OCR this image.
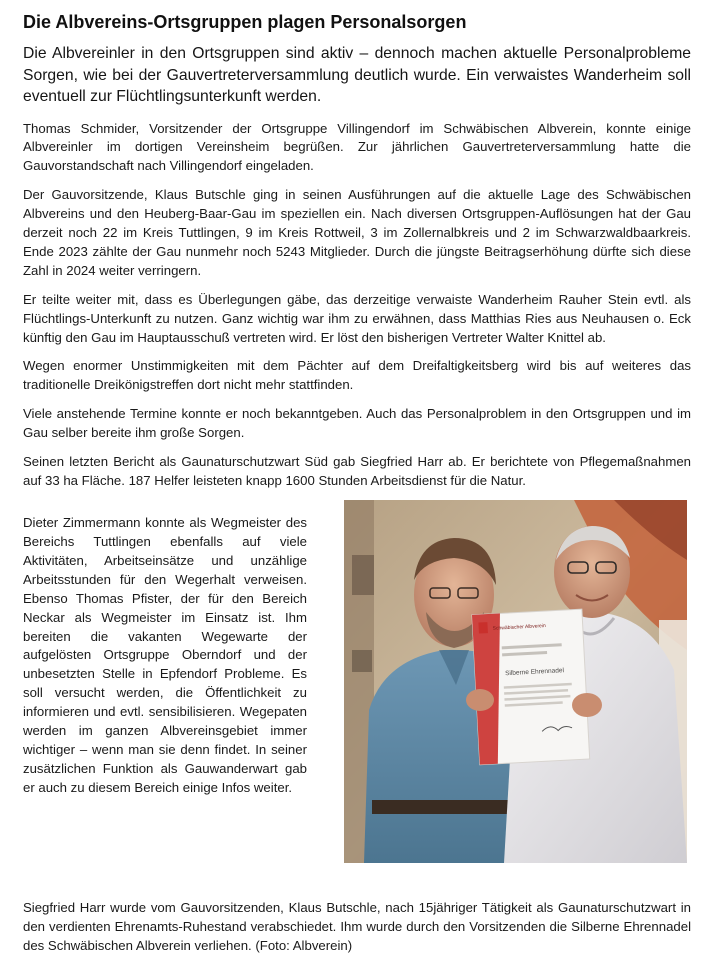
Die Albvereins-Ortsgruppen plagen Personalsorgen

Die Albvereinler in den Ortsgruppen sind aktiv – dennoch machen aktuelle Personalprobleme Sorgen, wie bei der Gauvertreterversammlung deutlich wurde. Ein verwaistes Wanderheim soll eventuell zur Flüchtlingsunterkunft werden.

Thomas Schmider, Vorsitzender der Ortsgruppe Villingendorf im Schwäbischen Albverein, konnte einige Albvereinler im dortigen Vereinsheim begrüßen. Zur jährlichen Gauvertreterversammlung hatte die Gauvorstandschaft nach Villingendorf eingeladen.

Der Gauvorsitzende, Klaus Butschle ging in seinen Ausführungen auf die aktuelle Lage des Schwäbischen Albvereins und den Heuberg-Baar-Gau im speziellen ein. Nach diversen Ortsgruppen-Auflösungen hat der Gau derzeit noch 22 im Kreis Tuttlingen, 9 im Kreis Rottweil, 3 im Zollernalbkreis und 2 im Schwarzwaldbaarkreis. Ende 2023 zählte der Gau nunmehr noch 5243 Mitglieder. Durch die jüngste Beitragserhöhung dürfte sich diese Zahl in 2024 weiter verringern.

Er teilte weiter mit, dass es Überlegungen gäbe, das derzeitige verwaiste Wanderheim Rauher Stein evtl. als Flüchtlings-Unterkunft zu nutzen. Ganz wichtig war ihm zu erwähnen, dass Matthias Ries aus Neuhausen o. Eck künftig den Gau im Hauptausschuß vertreten wird. Er löst den bisherigen Vertreter Walter Knittel ab.

Wegen enormer Unstimmigkeiten mit dem Pächter auf dem Dreifaltigkeitsberg wird bis auf weiteres das traditionelle Dreikönigstreffen dort nicht mehr stattfinden.

Viele anstehende Termine konnte er noch bekanntgeben. Auch das Personalproblem in den Ortsgruppen und im Gau selber bereite ihm große Sorgen.

Seinen letzten Bericht als Gaunaturschutzwart Süd gab Siegfried Harr ab. Er berichtete von Pflegemaßnahmen auf 33 ha Fläche. 187 Helfer leisteten knapp 1600 Stunden Arbeitsdienst für die Natur.

Dieter Zimmermann konnte als Wegmeister des Bereichs Tuttlingen ebenfalls auf viele Aktivitäten, Arbeitseinsätze und unzählige Arbeitsstunden für den Wegerhalt verweisen. Ebenso Thomas Pfister, der für den Bereich Neckar als Wegmeister im Einsatz ist. Ihm bereiten die vakanten Wegewarte der aufgelösten Ortsgruppe Oberndorf und der unbesetzten Stelle in Epfendorf Probleme. Es soll versucht werden, die Öffentlichkeit zu informieren und evtl. sensibilisieren. Wegepaten werden im ganzen Albvereinsgebiet immer wichtiger – wenn man sie denn findet. In seiner zusätzlichen Funktion als Gauwanderwart gab er auch zu diesem Bereich einige Infos weiter.

Schwäbischer Albverein
Silberne Ehrennadel

Siegfried Harr wurde vom Gauvorsitzenden, Klaus Butschle, nach 15jähriger Tätigkeit als Gaunaturschutzwart in den verdienten Ehrenamts-Ruhestand verabschiedet. Ihm wurde durch den Vorsitzenden die Silberne Ehrennadel des Schwäbischen Albverein verliehen. (Foto: Albverein)
